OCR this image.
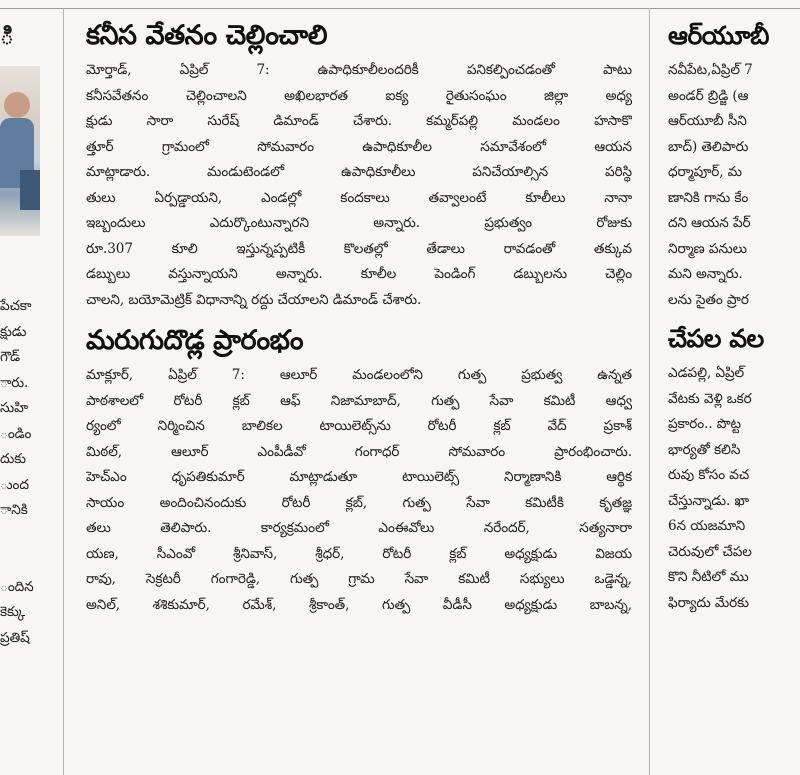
ి
పేచకా
క్షుడు
గౌడ్
ారు.
సుహి
ండిం
దుకు
ుంద
ానికి
ందిన
కెక్కు
ప్రతిష్
కనీస వేతనం చెల్లించాలి
మోర్తాడ్, ఏప్రిల్ 7: ఉపాధికూలీలందరికీ పనికల్పించడంతో పాటు
కనీసవేతనం చెల్లించాలని అఖిలభారత ఐక్య రైతుసంఘం జిల్లా అధ్య
క్షుడు సారా సురేష్ డిమాండ్ చేశారు. కమ్మర్‌పల్లి మండలం హసాకొ
త్తూర్ గ్రామంలో సోమవారం ఉపాధికూలీల సమావేశంలో ఆయన
మాట్లాడారు. మండుటెండలో ఉపాధికూలీలు పనిచేయాల్సిన పరిస్థి
తులు ఏర్పడ్డాయని, ఎండల్లో కందకాలు తవ్వాలంటే కూలీలు నానా
ఇబ్బందులు ఎదుర్కొంటున్నారని అన్నారు. ప్రభుత్వం రోజుకు
రూ.307 కూలి ఇస్తున్నప్పటికీ కొలతల్లో తేడాలు రావడంతో తక్కువ
డబ్బులు వస్తున్నాయని అన్నారు. కూలీల పెండింగ్ డబ్బులను చెల్లిం
చాలని, బయోమెట్రిక్ విధానాన్ని రద్దు చేయాలని డిమాండ్ చేశారు.
మరుగుదొడ్ల ప్రారంభం
మాక్లూర్, ఏప్రిల్ 7: ఆలూర్ మండలంలోని గుత్ప ప్రభుత్వ ఉన్నత
పాఠశాలలో రోటరీ క్లబ్ ఆఫ్ నిజామాబాద్, గుత్ప సేవా కమిటీ ఆధ్వ
ర్యంలో నిర్మించిన బాలికల టాయిలెట్స్‌ను రోటరీ క్లబ్ వేద్ ప్రకాశ్
మిఠల్, ఆలూర్ ఎంపీడీవో గంగాధర్ సోమవారం ప్రారంభించారు.
హెచ్‌ఎం ధృపతికుమార్ మాట్లాడుతూ టాయిలెట్స్ నిర్మాణానికి ఆర్థిక
సాయం అందించినందుకు రోటరీ క్లబ్, గుత్ప సేవా కమిటీకి కృతజ్ఞ
తలు తెలిపారు. కార్యక్రమంలో ఎంఈవోలు నరేందర్, సత్యనారా
యణ, సీఎంవో శ్రీనివాస్, శ్రీధర్, రోటరీ క్లబ్ అధ్యక్షుడు విజయ
రావు, సెక్రటరీ గంగారెడ్డి, గుత్ప గ్రామ సేవా కమిటీ సభ్యులు ఒడ్డెన్న,
అనిల్, శశికుమార్, రమేశ్, శ్రీకాంత్, గుత్ప వీడీసీ అధ్యక్షుడు బాబన్న,
ఆర్‌యూబీ
నవీపేట,ఏప్రిల్ 7
అండర్ బ్రిడ్జి (ఆ
ఆర్‌యూబీ సీని
బాద్) తెలిపారు
ధర్మాపూర్, మ
ణానికి గాను కేం
దని ఆయన పేర్
నిర్మాణ పనులు
మని అన్నారు.
లను సైతం ప్రార
చేపల వల
ఎడపల్లి, ఏప్రిల్
వేటకు వెళ్లి ఒకర
ప్రకారం.. పొట్ట
భార్యతో కలిసి
రువు కోసం వచ
చేస్తున్నాడు. ఖా
6న యజమాని
చెరువులో చేపల
కొని నీటిలో ము
ఫిర్యాదు మేరకు
